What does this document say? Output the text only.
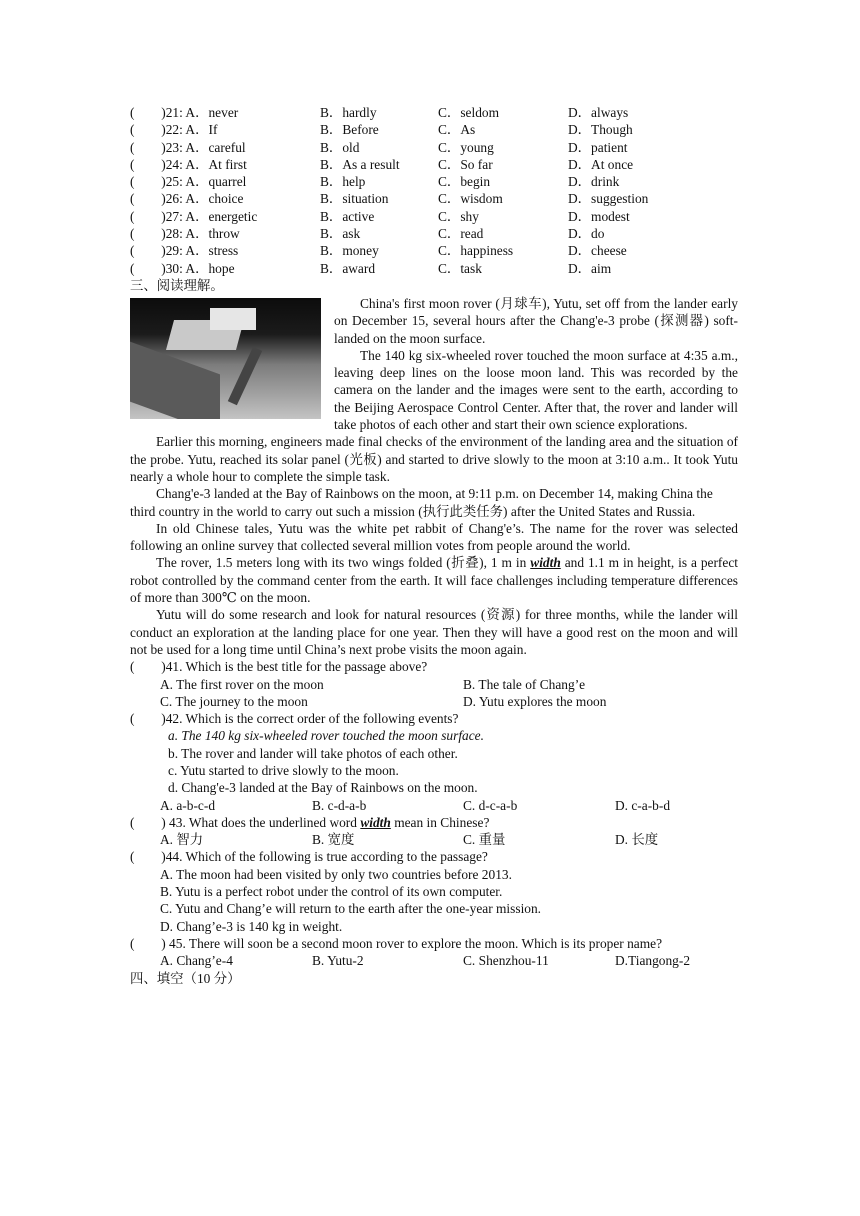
(　　)21: A．never	B．hardly	C．seldom	D．always
(　　)22: A．If	B．Before	C．As	D．Though
(　　)23: A．careful	B．old	C．young	D．patient
(　　)24: A．At first	B．As a result	C．So far	D．At once
(　　)25: A．quarrel	B．help	C．begin	D．drink
(　　)26: A．choice	B．situation	C．wisdom	D．suggestion
(　　)27: A．energetic	B．active	C．shy	D．modest
(　　)28: A．throw	B．ask	C．read	D．do
(　　)29: A．stress	B．money	C．happiness	D．cheese
(　　)30: A．hope	B．award	C．task	D．aim
三、阅读理解。

China's first moon rover (月球车), Yutu, set off from the lander early on December 15, several hours after the Chang'e-3 probe (探测器) soft-landed on the moon surface.

The 140 kg six-wheeled rover touched the moon surface at 4:35 a.m., leaving deep lines on the loose moon land. This was recorded by the camera on the lander and the images were sent to the earth, according to the Beijing Aerospace Control Center. After that, the rover and lander will take photos of each other and start their own science explorations.

Earlier this morning, engineers made final checks of the environment of the landing area and the situation of the probe. Yutu, reached its solar panel (光板) and started to drive slowly to the moon at 3:10 a.m.. It took Yutu nearly a whole hour to complete the simple task.

Chang'e-3 landed at the Bay of Rainbows on the moon, at 9:11 p.m. on December 14, making China the

third country in the world to carry out such a mission (执行此类任务) after the United States and Russia.

In old Chinese tales, Yutu was the white pet rabbit of Chang'e’s. The name for the rover was selected following an online survey that collected several million votes from people around the world.

The rover, 1.5 meters long with its two wings folded (折叠), 1 m in width and 1.1 m in height, is a perfect robot controlled by the command center from the earth. It will face challenges including temperature differences of more than 300℃ on the moon.

Yutu will do some research and look for natural resources (资源) for three months, while the lander will conduct an exploration at the landing place for one year. Then they will have a good rest on the moon and will not be used for a long time until China’s next probe visits the moon again.

(　　)41. Which is the best title for the passage above?

A. The first rover on the moon	B. The tale of Chang’e
C. The journey to the moon	D. Yutu explores the moon

(　　)42. Which is the correct order of the following events?

a. The 140 kg six-wheeled rover touched the moon surface.

b. The rover and lander will take photos of each other.

c. Yutu started to drive slowly to the moon.

d. Chang'e-3 landed at the Bay of Rainbows on the moon.

A. a-b-c-d	B. c-d-a-b	C. d-c-a-b	D. c-a-b-d

(　　) 43. What does the underlined word width mean in Chinese?

A. 智力	B. 宽度	C. 重量	D. 长度

(　　)44. Which of the following is true according to the passage?

A. The moon had been visited by only two countries before 2013.

B. Yutu is a perfect robot under the control of its own computer.

C. Yutu and Chang’e will return to the earth after the one-year mission.

D. Chang’e-3 is 140 kg in weight.

(　　) 45. There will soon be a second moon rover to explore the moon. Which is its proper name?

A. Chang’e-4	B. Yutu-2	C. Shenzhou-11	D.Tiangong-2
四、填空（10 分）
